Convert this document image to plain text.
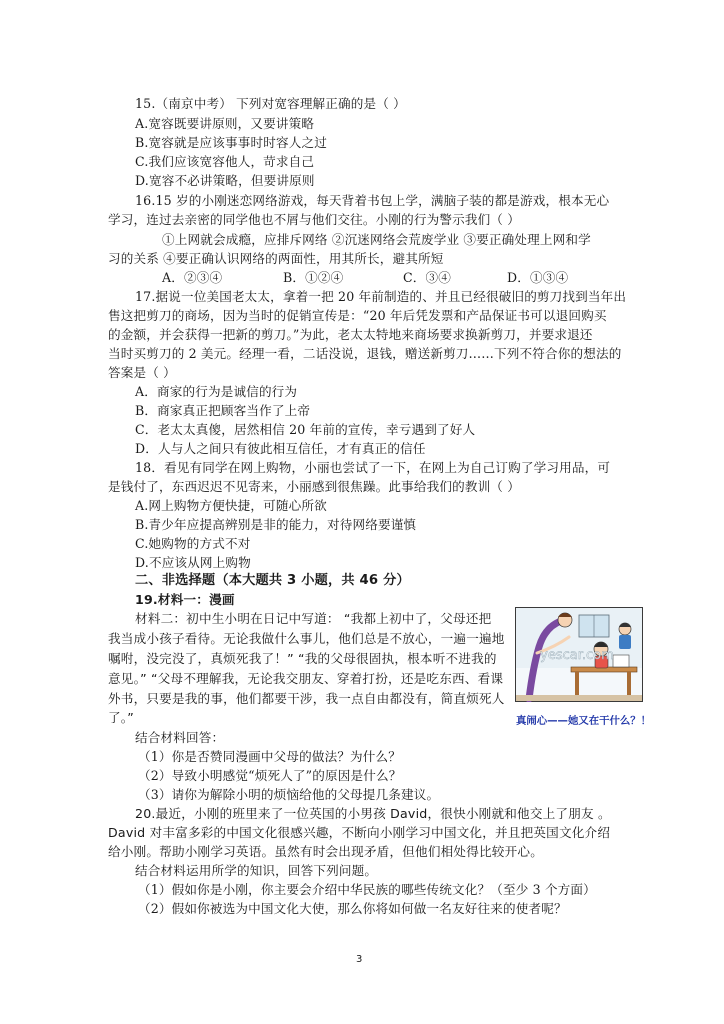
15.（南京中考） 下列对宽容理解正确的是（ ）
A.宽容既要讲原则，又要讲策略
B.宽容就是应该事事时时容人之过
C.我们应该宽容他人，苛求自己
D.宽容不必讲策略，但要讲原则
16.15 岁的小刚迷恋网络游戏，每天背着书包上学，满脑子装的都是游戏，根本无心
学习，连过去亲密的同学他也不屑与他们交往。小刚的行为警示我们（ ）
①上网就会成瘾，应排斥网络 ②沉迷网络会荒废学业 ③要正确处理上网和学
习的关系 ④要正确认识网络的两面性，用其所长，避其所短
A．②③④	B．①②④	C．③④	D．①③④
17.据说一位美国老太太，拿着一把 20 年前制造的、并且已经很破旧的剪刀找到当年出
售这把剪刀的商场，因为当时的促销宣传是：“20 年后凭发票和产品保证书可以退回购买
的金额，并会获得一把新的剪刀。”为此，老太太特地来商场要求换新剪刀，并要求退还
当时买剪刀的 2 美元。经理一看，二话没说，退钱，赠送新剪刀……下列不符合你的想法的
答案是（ ）
A．商家的行为是诚信的行为
B．商家真正把顾客当作了上帝
C．老太太真傻，居然相信 20 年前的宣传，幸亏遇到了好人
D．人与人之间只有彼此相互信任，才有真正的信任
18．看见有同学在网上购物，小丽也尝试了一下，在网上为自己订购了学习用品，可
是钱付了，东西迟迟不见寄来，小丽感到很焦躁。此事给我们的教训（ ）
A.网上购物方便快捷，可随心所欲
B.青少年应提高辨别是非的能力，对待网络要谨慎
C.她购物的方式不对
D.不应该从网上购物
二、非选择题（本大题共 3 小题，共 46 分）
19.材料一：漫画
材料二：初中生小明在日记中写道： “我都上初中了，父母还把
我当成小孩子看待。无论我做什么事儿，他们总是不放心，一遍一遍地
嘱咐，没完没了，真烦死我了！” “我的父母很固执，根本听不进我的
意见。” “父母不理解我，无论我交朋友、穿着打扮，还是吃东西、看课
外书，只要是我的事，他们都要干涉，我一点自由都没有，简直烦死人
了。”
结合材料回答：
（1）你是否赞同漫画中父母的做法？为什么？
（2）导致小明感觉“烦死人了”的原因是什么？
（3）请你为解除小明的烦恼给他的父母提几条建议。
yescar.com
真闹心——她又在干什么？！
20.最近，小刚的班里来了一位英国的小男孩 David，很快小刚就和他交上了朋友 。
David 对丰富多彩的中国文化很感兴趣，不断向小刚学习中国文化，并且把英国文化介绍
给小刚。帮助小刚学习英语。虽然有时会出现矛盾，但他们相处得比较开心。
结合材料运用所学的知识，回答下列问题。
（1）假如你是小刚，你主要会介绍中华民族的哪些传统文化？（至少 3 个方面）
（2）假如你被选为中国文化大使，那么你将如何做一名友好往来的使者呢？
3
